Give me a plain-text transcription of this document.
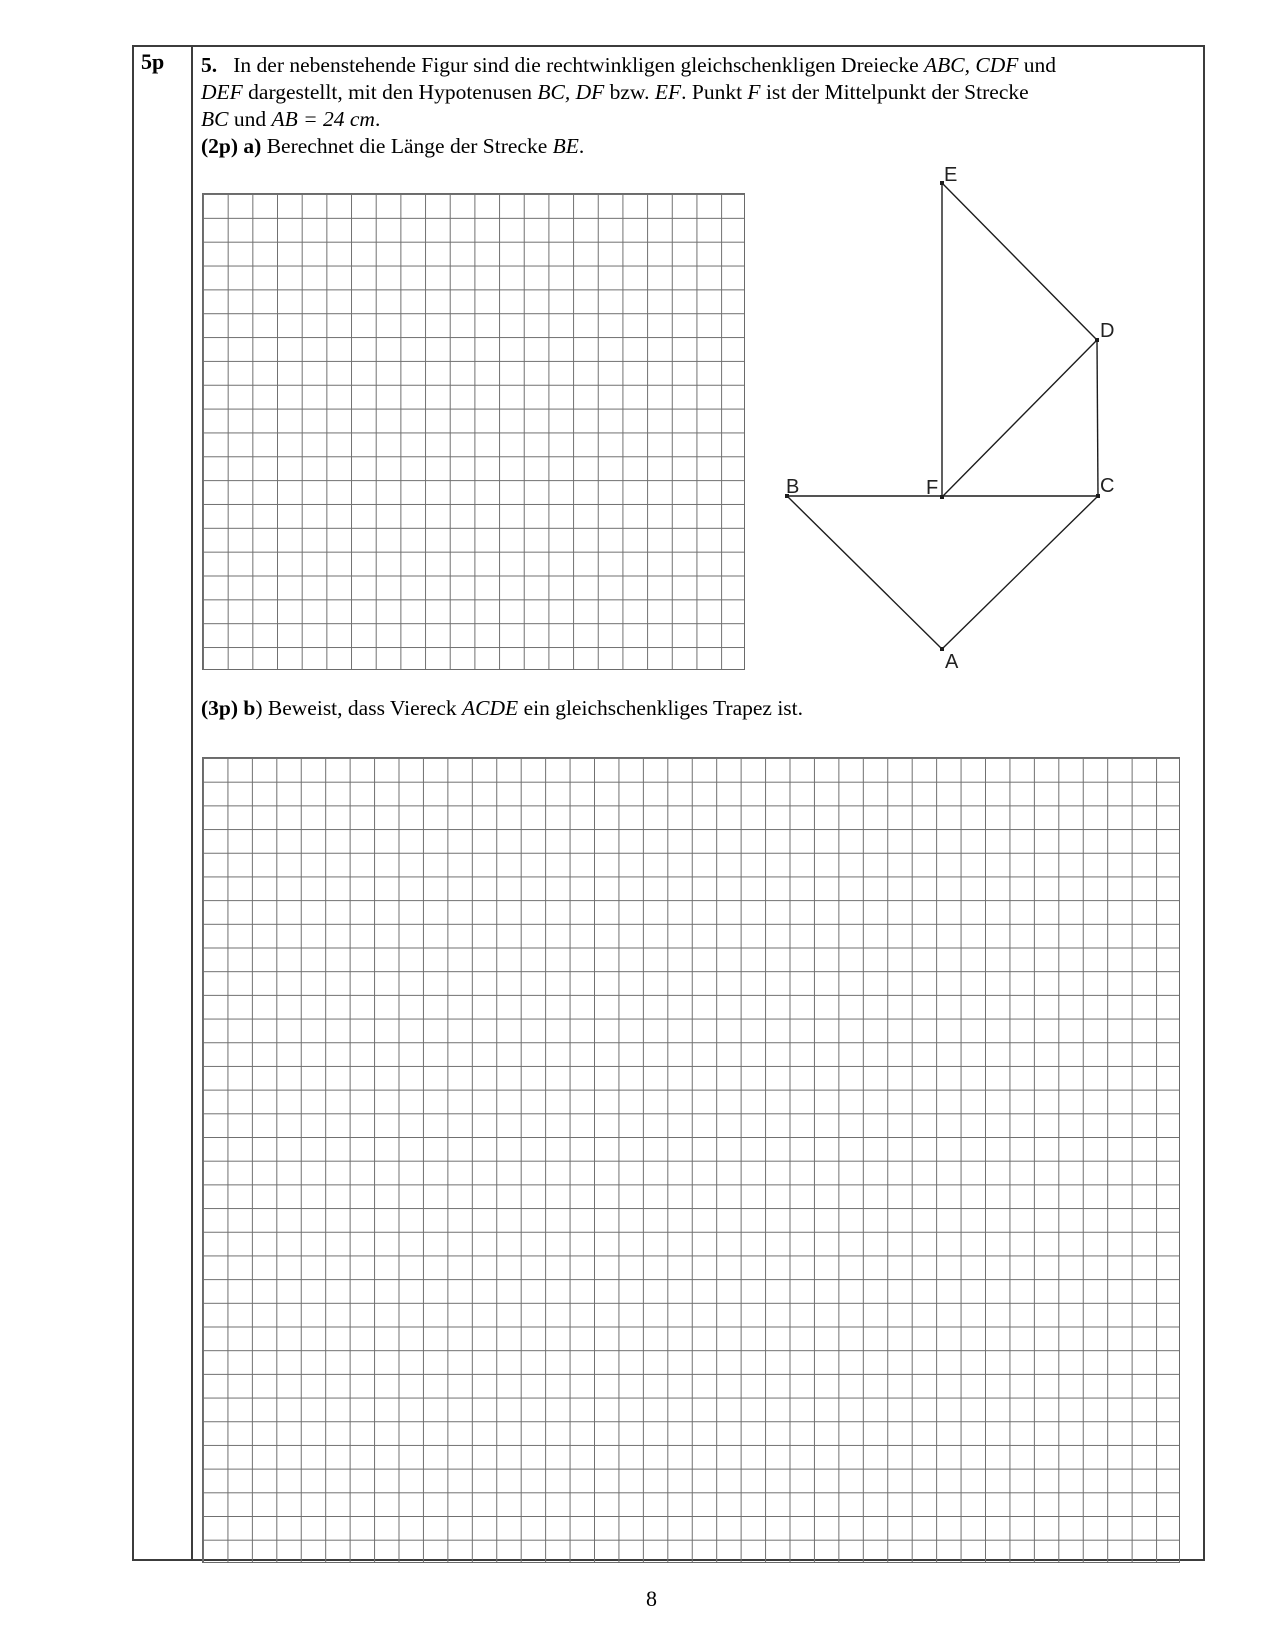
5p 5.   In der nebenstehende Figur sind die rechtwinkligen gleichschenkligen Dreiecke ABC, CDF und
DEF dargestellt, mit den Hypotenusen BC, DF bzw. EF. Punkt F ist der Mittelpunkt der Strecke
BC und AB = 24 cm.
(2p) a) Berechnet die Länge der Strecke BE.
E
D
B	F	C
A
(3p) b) Beweist, dass Viereck ACDE ein gleichschenkliges Trapez ist.
8
